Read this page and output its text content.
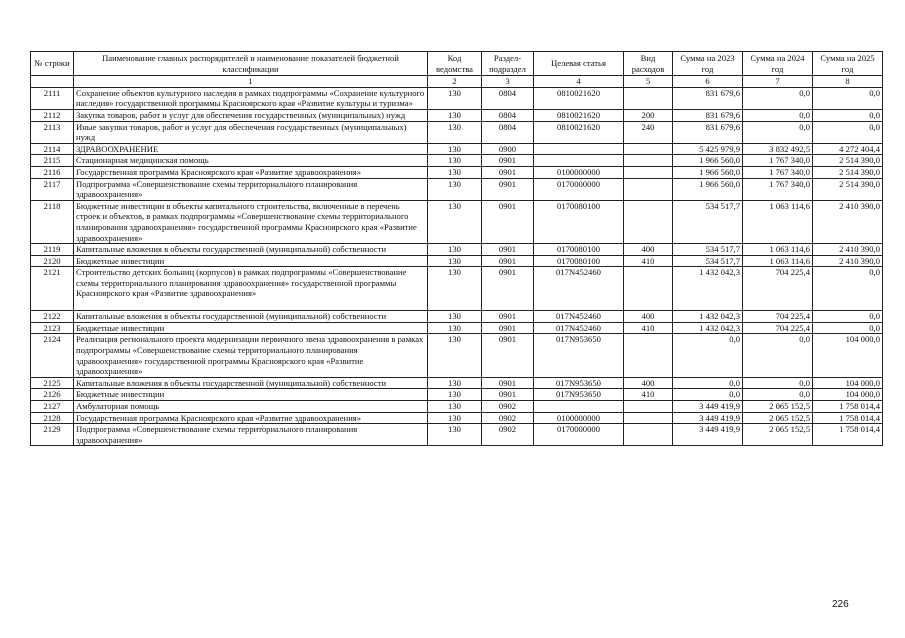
№ строки	Паименование главных распорядителей и наименование показателей бюджетной классификации	Код ведомства	Раздел-подраздел	Целевая статья	Вид расходов	Сумма на 2023 год	Сумма на 2024 год	Сумма на 2025 год
	1	2	3	4	5	6	7	8
2111	Сохранение объектов культурного наследия в рамках подпрограммы «Сохранение культурного наследия» государственной программы Красноярского края «Развитие культуры и туризма»	130	0804	0810021620		831 679,6	0,0	0,0
2112	Закупка товаров, работ и услуг для обеспечения государственных (муниципальных) нужд	130	0804	0810021620	200	831 679,6	0,0	0,0
2113	Иные закупки товаров, работ и услуг для обеспечения государственных (муниципальных) нужд	130	0804	0810021620	240	831 679,6	0,0	0,0
2114	ЗДРАВООХРАНЕНИЕ	130	0900			5 425 979,9	3 832 492,5	4 272 404,4
2115	Стационарная медицинская помощь	130	0901			1 966 560,0	1 767 340,0	2 514 390,0
2116	Государственная программа Красноярского края «Развитие здравоохранения»	130	0901	0100000000		1 966 560,0	1 767 340,0	2 514 390,0
2117	Подпрограмма «Совершенствование схемы территориального планирования здравоохранения»	130	0901	0170000000		1 966 560,0	1 767 340,0	2 514 390,0
2118	Бюджетные инвестиции в объекты капитального строительства, включенные в перечень строек и объектов, в рамках подпрограммы «Совершенствование схемы территориального планирования здравоохранения» государственной программы Красноярского края «Развитие здравоохранения»	130	0901	0170080100		534 517,7	1 063 114,6	2 410 390,0
2119	Капитальные вложения в объекты государственной (муниципальной) собственности	130	0901	0170080100	400	534 517,7	1 063 114,6	2 410 390,0
2120	Бюджетные инвестиции	130	0901	0170080100	410	534 517,7	1 063 114,6	2 410 390,0
2121	Строительство детских больниц (корпусов) в рамках подпрограммы «Совершенствование схемы территориального планирования здравоохранения» государственной программы Красноярского края «Развитие здравоохранения»	130	0901	017N452460		1 432 042,3	704 225,4	0,0
2122	Капитальные вложения в объекты государственной (муниципальной) собственности	130	0901	017N452460	400	1 432 042,3	704 225,4	0,0
2123	Бюджетные инвестиции	130	0901	017N452460	410	1 432 042,3	704 225,4	0,0
2124	Реализация регионального проекта модернизации первичного звена здравоохранения в рамках подпрограммы «Совершенствование схемы территориального планирования здравоохранения» государственной программы Красноярского края «Развитие здравоохранения»	130	0901	017N953650		0,0	0,0	104 000,0
2125	Капитальные вложения в объекты государственной (муниципальной) собственности	130	0901	017N953650	400	0,0	0,0	104 000,0
2126	Бюджетные инвестиции	130	0901	017N953650	410	0,0	0,0	104 000,0
2127	Амбулаторная помощь	130	0902			3 449 419,9	2 065 152,5	1 758 014,4
2128	Государственная программа Красноярского края «Развитие здравоохранения»	130	0902	0100000000		3 449 419,9	2 065 152,5	1 758 014,4
2129	Подпрограмма «Совершенствование схемы территориального планирования здравоохранения»	130	0902	0170000000		3 449 419,9	2 065 152,5	1 758 014,4
226
